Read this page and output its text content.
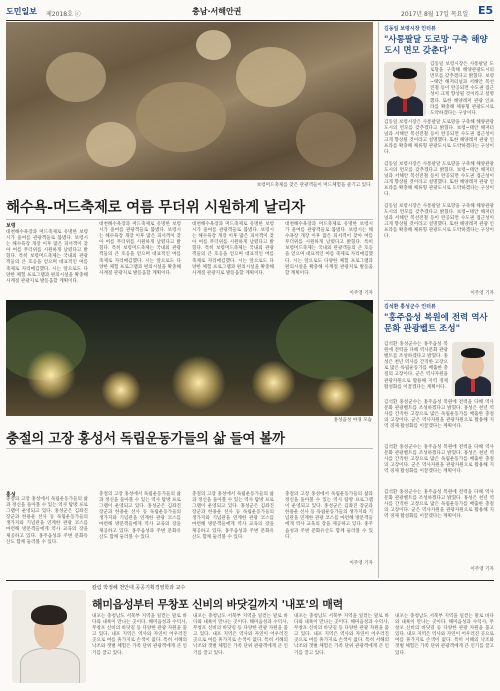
도민일보 제2018호 ⓒ	충남·서해안권	2017년 8월 17일 목요일 E5
보령머드축제를 찾은 관광객들이 머드체험을 즐기고 있다.
해수욕-머드축제로 여름 무더위 시원하게 날리자
보령
대천해수욕장과 머드축제로 유명한 보령시가 올여름 관광객들로 붐볐다. 보령시는 해수욕장 개장 이후 많은 피서객이 찾아 여름 무더위를 시원하게 날렸다고 밝혔다. 특히 보령머드축제는 국내외 관광객들의 큰 호응을 얻으며 대표적인 여름 축제로 자리매김했다. 시는 앞으로도 다양한 체험 프로그램과 편의시설을 확충해 사계절 관광지로 발돋움할 계획이다.
대천해수욕장과 머드축제로 유명한 보령시가 올여름 관광객들로 붐볐다. 보령시는 해수욕장 개장 이후 많은 피서객이 찾아 여름 무더위를 시원하게 날렸다고 밝혔다. 특히 보령머드축제는 국내외 관광객들의 큰 호응을 얻으며 대표적인 여름 축제로 자리매김했다. 시는 앞으로도 다양한 체험 프로그램과 편의시설을 확충해 사계절 관광지로 발돋움할 계획이다.
대천해수욕장과 머드축제로 유명한 보령시가 올여름 관광객들로 붐볐다. 보령시는 해수욕장 개장 이후 많은 피서객이 찾아 여름 무더위를 시원하게 날렸다고 밝혔다. 특히 보령머드축제는 국내외 관광객들의 큰 호응을 얻으며 대표적인 여름 축제로 자리매김했다. 시는 앞으로도 다양한 체험 프로그램과 편의시설을 확충해 사계절 관광지로 발돋움할 계획이다.
대천해수욕장과 머드축제로 유명한 보령시가 올여름 관광객들로 붐볐다. 보령시는 해수욕장 개장 이후 많은 피서객이 찾아 여름 무더위를 시원하게 날렸다고 밝혔다. 특히 보령머드축제는 국내외 관광객들의 큰 호응을 얻으며 대표적인 여름 축제로 자리매김했다. 시는 앞으로도 다양한 체험 프로그램과 편의시설을 확충해 사계절 관광지로 발돋움할 계획이다.
이주영 기자
홍성읍성 야경 모습
충절의 고장 홍성서 독립운동가들의 삶 들여 볼까
홍성
충절의 고장 홍성에서 독립운동가들의 삶과 정신을 돌아볼 수 있는 역사 탐방 프로그램이 운영되고 있다. 홍성군은 김좌진 장군과 한용운 선사 등 독립운동가들의 생가지와 기념관을 연계한 관광 코스를 마련해 방문객들에게 역사 교육의 장을 제공하고 있다. 홍주읍성과 주변 문화유산도 함께 둘러볼 수 있다.
충절의 고장 홍성에서 독립운동가들의 삶과 정신을 돌아볼 수 있는 역사 탐방 프로그램이 운영되고 있다. 홍성군은 김좌진 장군과 한용운 선사 등 독립운동가들의 생가지와 기념관을 연계한 관광 코스를 마련해 방문객들에게 역사 교육의 장을 제공하고 있다. 홍주읍성과 주변 문화유산도 함께 둘러볼 수 있다.
충절의 고장 홍성에서 독립운동가들의 삶과 정신을 돌아볼 수 있는 역사 탐방 프로그램이 운영되고 있다. 홍성군은 김좌진 장군과 한용운 선사 등 독립운동가들의 생가지와 기념관을 연계한 관광 코스를 마련해 방문객들에게 역사 교육의 장을 제공하고 있다. 홍주읍성과 주변 문화유산도 함께 둘러볼 수 있다.
충절의 고장 홍성에서 독립운동가들의 삶과 정신을 돌아볼 수 있는 역사 탐방 프로그램이 운영되고 있다. 홍성군은 김좌진 장군과 한용운 선사 등 독립운동가들의 생가지와 기념관을 연계한 관광 코스를 마련해 방문객들에게 역사 교육의 장을 제공하고 있다. 홍주읍성과 주변 문화유산도 함께 둘러볼 수 있다.
이주영 기자
김동일 보령시장 인터뷰
"사통팔달 도로망 구축 해양도시 면모 갖춘다"
김동일 보령시장은 사통팔달 도로망을 구축해 해양관광도시의 면모를 갖추겠다고 밝혔다. 보령~태안 해저터널과 서해안 복선전철 등이 완공되면 수도권 접근성이 크게 향상될 것이라고 설명했다. 또한 해양레저 관광 인프라를 확충해 체류형 관광도시로 도약하겠다는 구상이다.
김동일 보령시장은 사통팔달 도로망을 구축해 해양관광도시의 면모를 갖추겠다고 밝혔다. 보령~태안 해저터널과 서해안 복선전철 등이 완공되면 수도권 접근성이 크게 향상될 것이라고 설명했다. 또한 해양레저 관광 인프라를 확충해 체류형 관광도시로 도약하겠다는 구상이다.
김동일 보령시장은 사통팔달 도로망을 구축해 해양관광도시의 면모를 갖추겠다고 밝혔다. 보령~태안 해저터널과 서해안 복선전철 등이 완공되면 수도권 접근성이 크게 향상될 것이라고 설명했다. 또한 해양레저 관광 인프라를 확충해 체류형 관광도시로 도약하겠다는 구상이다.
김동일 보령시장은 사통팔달 도로망을 구축해 해양관광도시의 면모를 갖추겠다고 밝혔다. 보령~태안 해저터널과 서해안 복선전철 등이 완공되면 수도권 접근성이 크게 향상될 것이라고 설명했다. 또한 해양레저 관광 인프라를 확충해 체류형 관광도시로 도약하겠다는 구상이다.
이주영 기자
김석환 홍성군수 인터뷰
"홍주읍성 복원에 전력 역사문화 관광벨트 조성"
김석환 홍성군수는 홍주읍성 복원에 전력을 다해 역사문화 관광벨트를 조성하겠다고 밝혔다. 홍성은 천년 역사를 간직한 고장으로 많은 독립운동가를 배출한 충절의 고장이다. 군은 역사자원을 관광자원으로 활용해 지역 경제 활성화를 이끌겠다는 계획이다.
김석환 홍성군수는 홍주읍성 복원에 전력을 다해 역사문화 관광벨트를 조성하겠다고 밝혔다. 홍성은 천년 역사를 간직한 고장으로 많은 독립운동가를 배출한 충절의 고장이다. 군은 역사자원을 관광자원으로 활용해 지역 경제 활성화를 이끌겠다는 계획이다.
김석환 홍성군수는 홍주읍성 복원에 전력을 다해 역사문화 관광벨트를 조성하겠다고 밝혔다. 홍성은 천년 역사를 간직한 고장으로 많은 독립운동가를 배출한 충절의 고장이다. 군은 역사자원을 관광자원으로 활용해 지역 경제 활성화를 이끌겠다는 계획이다.
김석환 홍성군수는 홍주읍성 복원에 전력을 다해 역사문화 관광벨트를 조성하겠다고 밝혔다. 홍성은 천년 역사를 간직한 고장으로 많은 독립운동가를 배출한 충절의 고장이다. 군은 역사자원을 관광자원으로 활용해 지역 경제 활성화를 이끌겠다는 계획이다.
이주영 기자
칼럼 박정혜 천안대 공공기획경영학과 교수
해미읍성부터 무창포 신비의 바닷길까지 '내포'의 매력
내포는 충청남도 서북부 지역을 일컫는 말로 바다와 내륙이 만나는 곳이다. 해미읍성과 수덕사, 무창포 신비의 바닷길 등 다양한 관광 자원을 품고 있다. 내포 지역은 역사와 자연이 어우러진 곳으로 여름 휴가지로 손색이 없다. 특히 서해의 낙조와 갯벌 체험은 가족 단위 관광객에게 큰 인기를 끌고 있다.
내포는 충청남도 서북부 지역을 일컫는 말로 바다와 내륙이 만나는 곳이다. 해미읍성과 수덕사, 무창포 신비의 바닷길 등 다양한 관광 자원을 품고 있다. 내포 지역은 역사와 자연이 어우러진 곳으로 여름 휴가지로 손색이 없다. 특히 서해의 낙조와 갯벌 체험은 가족 단위 관광객에게 큰 인기를 끌고 있다.
내포는 충청남도 서북부 지역을 일컫는 말로 바다와 내륙이 만나는 곳이다. 해미읍성과 수덕사, 무창포 신비의 바닷길 등 다양한 관광 자원을 품고 있다. 내포 지역은 역사와 자연이 어우러진 곳으로 여름 휴가지로 손색이 없다. 특히 서해의 낙조와 갯벌 체험은 가족 단위 관광객에게 큰 인기를 끌고 있다.
내포는 충청남도 서북부 지역을 일컫는 말로 바다와 내륙이 만나는 곳이다. 해미읍성과 수덕사, 무창포 신비의 바닷길 등 다양한 관광 자원을 품고 있다. 내포 지역은 역사와 자연이 어우러진 곳으로 여름 휴가지로 손색이 없다. 특히 서해의 낙조와 갯벌 체험은 가족 단위 관광객에게 큰 인기를 끌고 있다.
